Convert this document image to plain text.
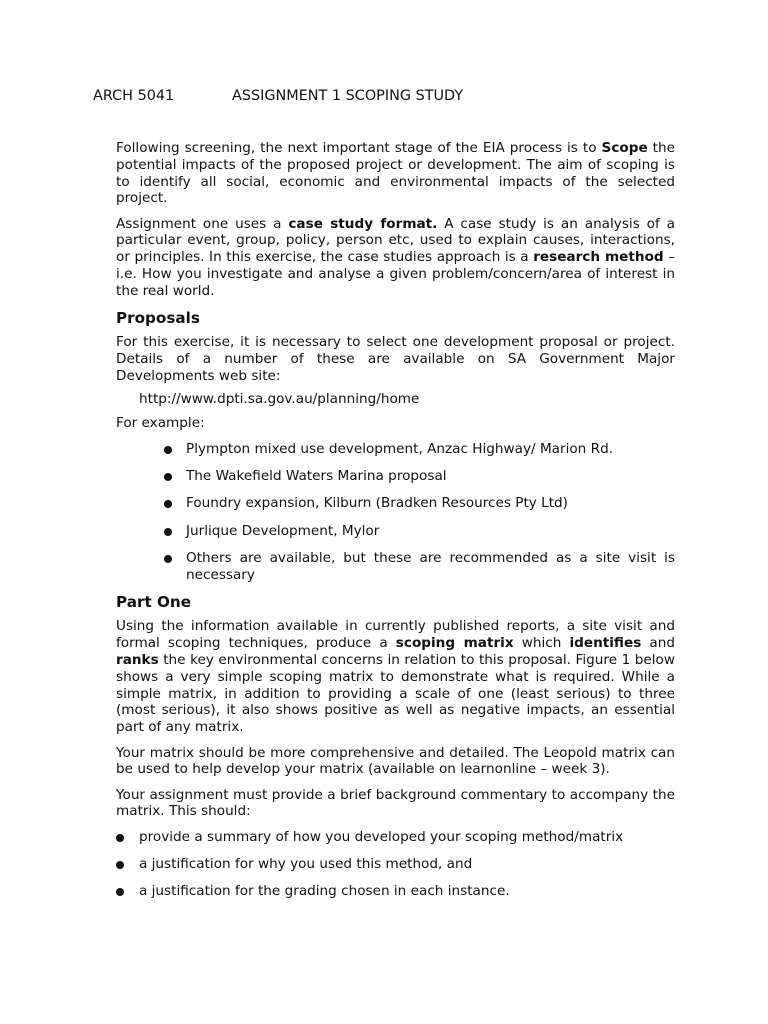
ARCH 5041	ASSIGNMENT 1 SCOPING STUDY

Following screening, the next important stage of the EIA process is to Scope the potential impacts of the proposed project or development. The aim of scoping is to identify all social, economic and environmental impacts of the selected project.

Assignment one uses a case study format. A case study is an analysis of a particular event, group, policy, person etc, used to explain causes, interactions, or principles. In this exercise, the case studies approach is a research method – i.e. How you investigate and analyse a given problem/concern/area of interest in the real world.

Proposals

For this exercise, it is necessary to select one development proposal or project. Details of a number of these are available on SA Government Major Developments web site:

http://www.dpti.sa.gov.au/planning/home

For example:

Plympton mixed use development, Anzac Highway/ Marion Rd.
The Wakefield Waters Marina proposal
Foundry expansion, Kilburn (Bradken Resources Pty Ltd)
Jurlique Development, Mylor
Others are available, but these are recommended as a site visit is necessary
Part One

Using the information available in currently published reports, a site visit and formal scoping techniques, produce a scoping matrix which identifies and ranks the key environmental concerns in relation to this proposal. Figure 1 below shows a very simple scoping matrix to demonstrate what is required. While a simple matrix, in addition to providing a scale of one (least serious) to three (most serious), it also shows positive as well as negative impacts, an essential part of any matrix.

Your matrix should be more comprehensive and detailed. The Leopold matrix can be used to help develop your matrix (available on learnonline – week 3).

Your assignment must provide a brief background commentary to accompany the matrix. This should:

provide a summary of how you developed your scoping method/matrix
a justification for why you used this method, and
a justification for the grading chosen in each instance.
